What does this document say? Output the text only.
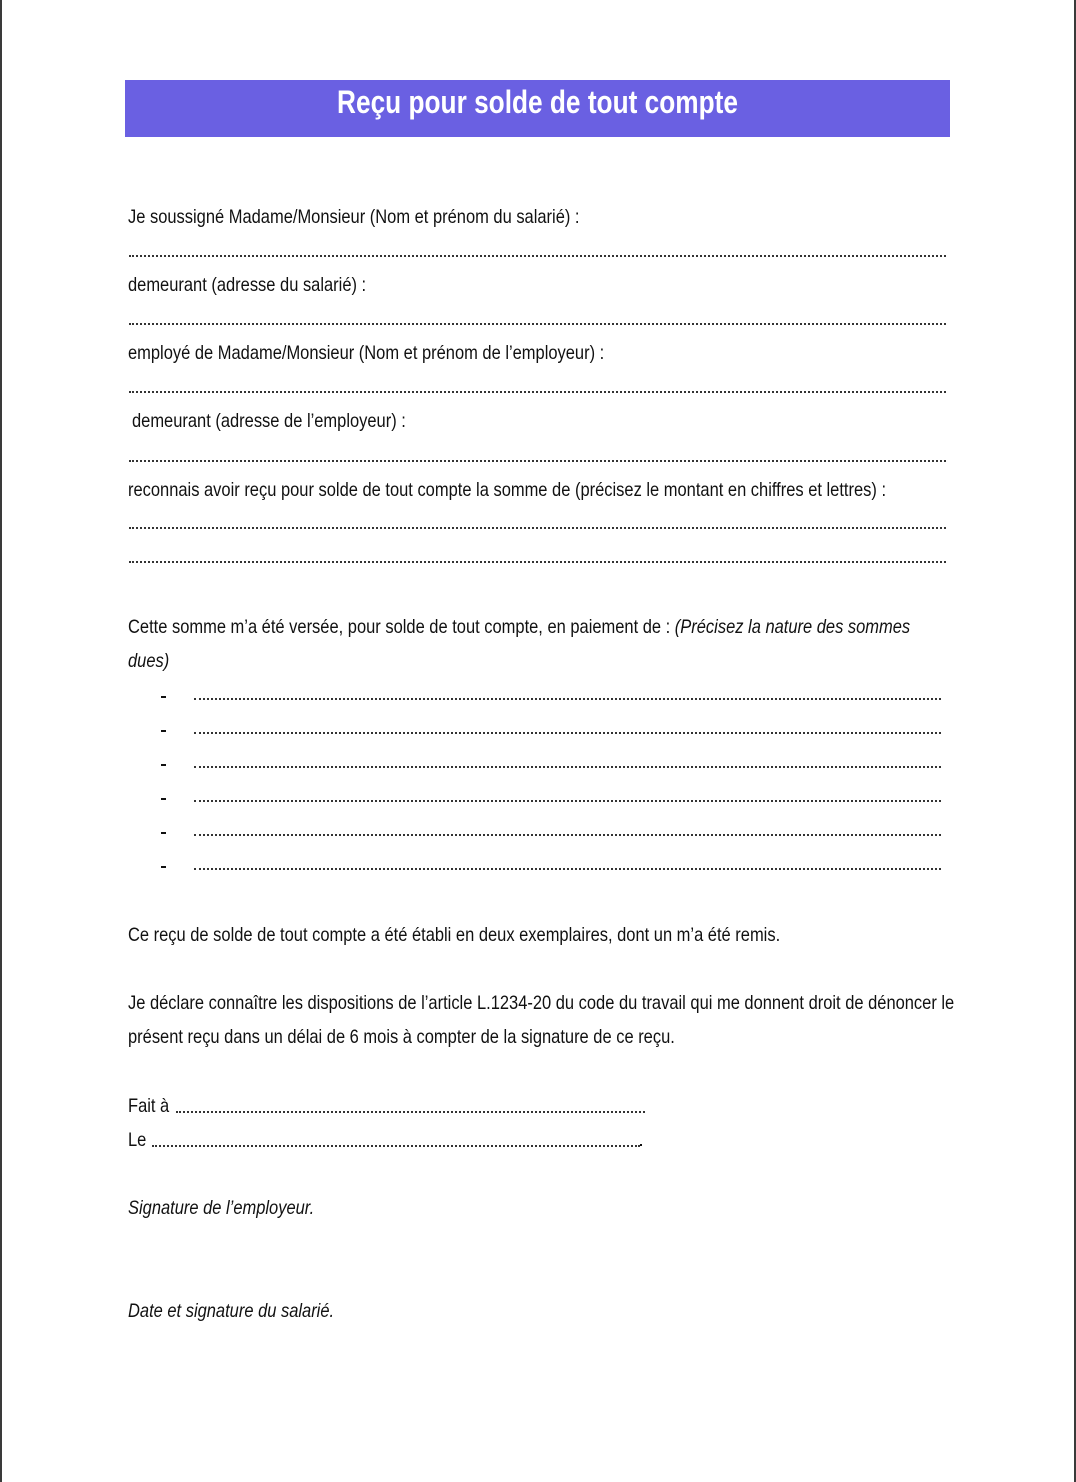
Reçu pour solde de tout compte
Je soussigné Madame/Monsieur (Nom et prénom du salarié) :
demeurant (adresse du salarié) :
employé de Madame/Monsieur (Nom et prénom de l’employeur) :
demeurant (adresse de l’employeur) :
reconnais avoir reçu pour solde de tout compte la somme de (précisez le montant en chiffres et lettres) :
Cette somme m’a été versée, pour solde de tout compte, en paiement de : (Précisez la nature des sommes
dues)
Ce reçu de solde de tout compte a été établi en deux exemplaires, dont un m’a été remis.
Je déclare connaître les dispositions de l’article L.1234-20 du code du travail qui me donnent droit de dénoncer le
présent reçu dans un délai de 6 mois à compter de la signature de ce reçu.
Fait à
Le
Signature de l’employeur.
Date et signature du salarié.
